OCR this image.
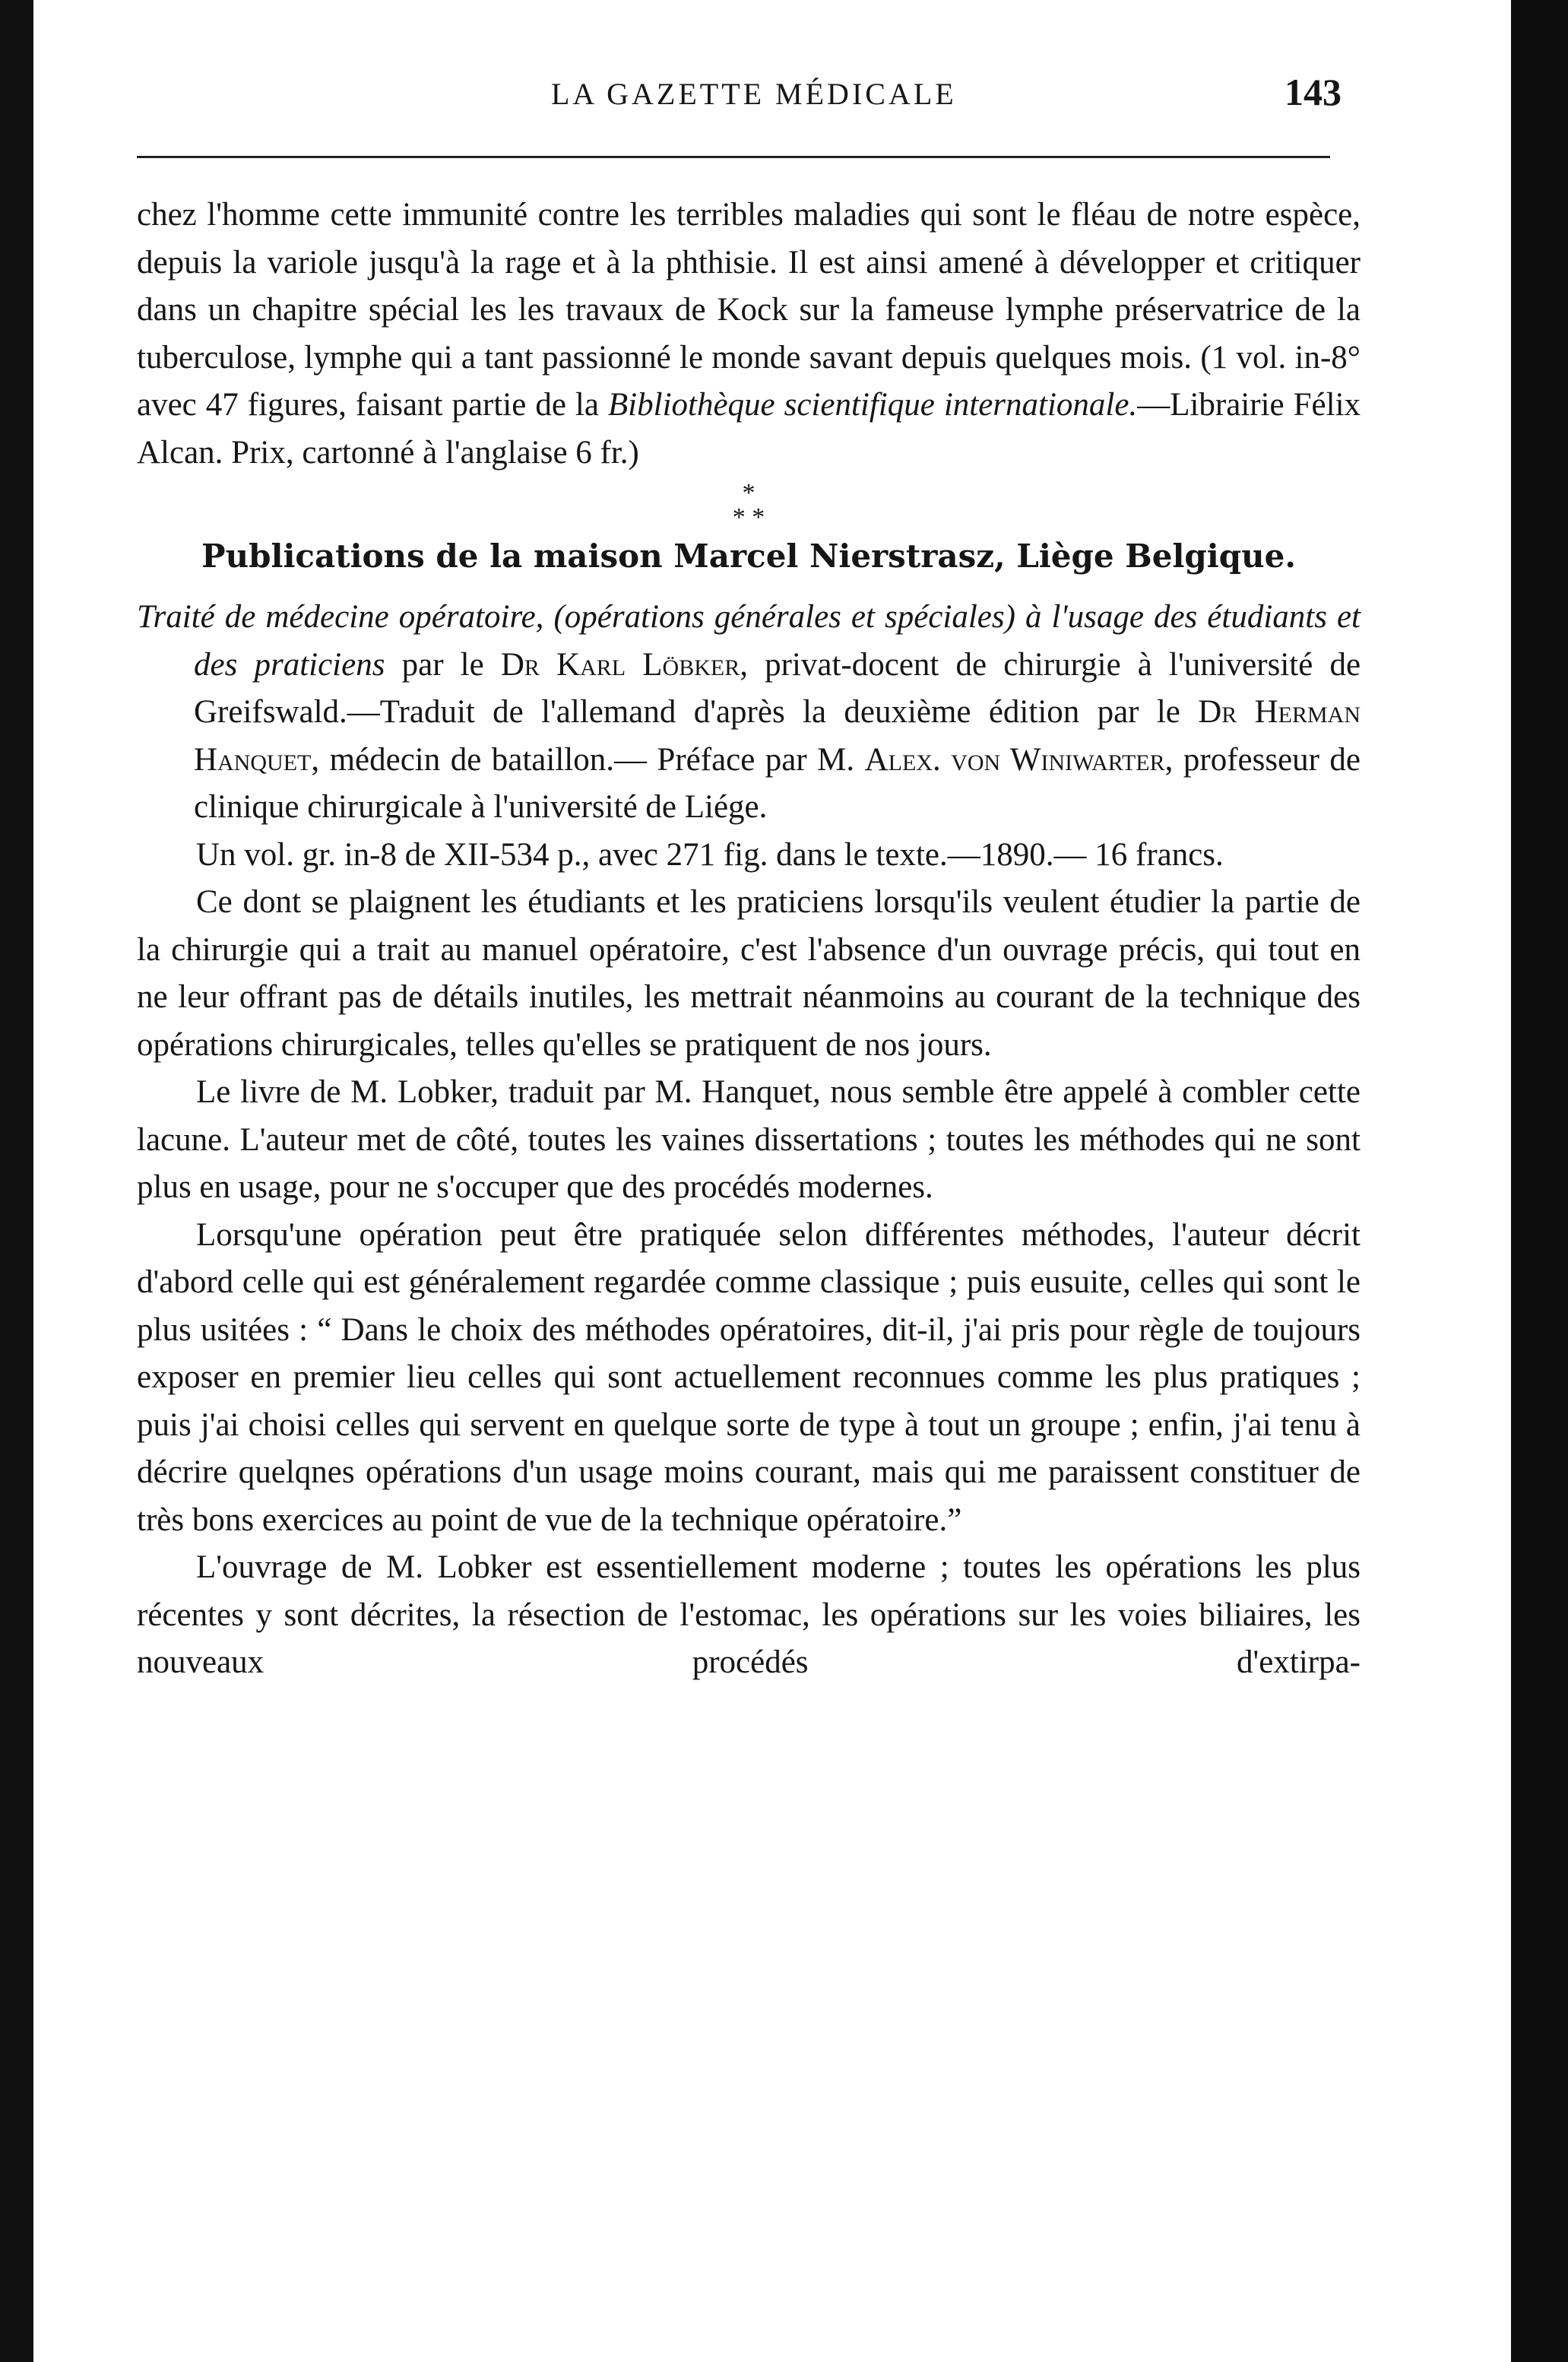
LA GAZETTE MÉDICALE	143

chez l'homme cette immunité contre les terribles maladies qui sont le fléau de notre espèce, depuis la variole jusqu'à la rage et à la phthisie. Il est ainsi amené à développer et critiquer dans un chapitre spécial les les travaux de Kock sur la fameuse lymphe préservatrice de la tuberculose, lymphe qui a tant passionné le monde savant depuis quelques mois. (1 vol. in-8° avec 47 figures, faisant partie de la Bibliothèque scientifique internationale.—Librairie Félix Alcan. Prix, cartonné à l'anglaise 6 fr.)

*
* *
Publications de la maison Marcel Nierstrasz, Liège Belgique.

Traité de médecine opératoire, (opérations générales et spéciales) à l'usage des étudiants et des praticiens par le Dr Karl Löbker, privat-docent de chirurgie à l'université de Greifswald.—Traduit de l'allemand d'après la deuxième édition par le Dr Herman Hanquet, médecin de bataillon.— Préface par M. Alex. von Winiwarter, professeur de clinique chirurgicale à l'université de Liége.

Un vol. gr. in-8 de XII-534 p., avec 271 fig. dans le texte.—1890.— 16 francs.

Ce dont se plaignent les étudiants et les praticiens lorsqu'ils veulent étudier la partie de la chirurgie qui a trait au manuel opératoire, c'est l'absence d'un ouvrage précis, qui tout en ne leur offrant pas de détails inutiles, les mettrait néanmoins au courant de la technique des opérations chirurgicales, telles qu'elles se pratiquent de nos jours.

Le livre de M. Lobker, traduit par M. Hanquet, nous semble être appelé à combler cette lacune. L'auteur met de côté, toutes les vaines dissertations ; toutes les méthodes qui ne sont plus en usage, pour ne s'occuper que des procédés modernes.

Lorsqu'une opération peut être pratiquée selon différentes méthodes, l'auteur décrit d'abord celle qui est généralement regardée comme classique ; puis eusuite, celles qui sont le plus usitées : “ Dans le choix des méthodes opératoires, dit-il, j'ai pris pour règle de toujours exposer en premier lieu celles qui sont actuellement reconnues comme les plus pratiques ; puis j'ai choisi celles qui servent en quelque sorte de type à tout un groupe ; enfin, j'ai tenu à décrire quelqnes opérations d'un usage moins courant, mais qui me paraissent constituer de très bons exercices au point de vue de la technique opératoire.”

L'ouvrage de M. Lobker est essentiellement moderne ; toutes les opérations les plus récentes y sont décrites, la résection de l'estomac, les opérations sur les voies biliaires, les nouveaux procédés d'extirpa-
